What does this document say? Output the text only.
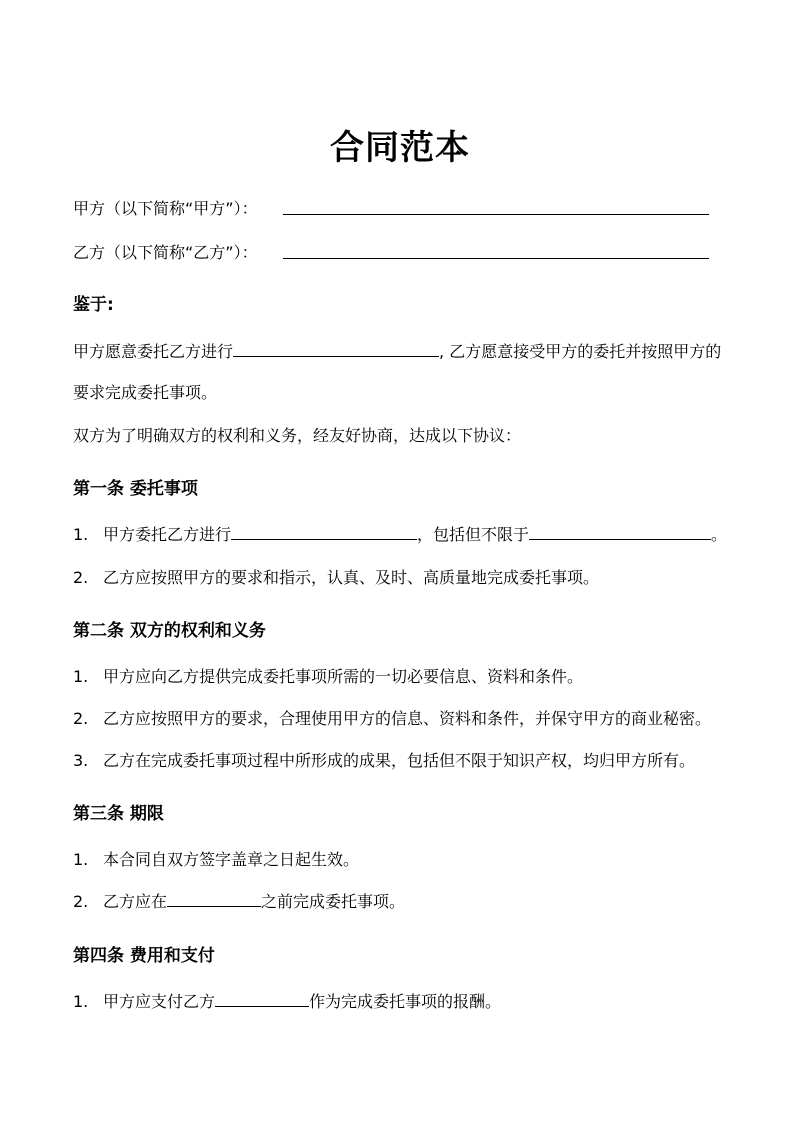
合同范本
甲方（以下简称“甲方”）：
乙方（以下简称“乙方”）：
鉴于:
甲方愿意委托乙方进行	, 乙方愿意接受甲方的委托并按照甲方的
要求完成委托事项。
双方为了明确双方的权利和义务，经友好协商，达成以下协议：
第一条 委托事项
1. 甲方委托乙方进行	，包括但不限于	。
2. 乙方应按照甲方的要求和指示，认真、及时、高质量地完成委托事项。
第二条 双方的权利和义务
1. 甲方应向乙方提供完成委托事项所需的一切必要信息、资料和条件。
2. 乙方应按照甲方的要求，合理使用甲方的信息、资料和条件，并保守甲方的商业秘密。
3. 乙方在完成委托事项过程中所形成的成果，包括但不限于知识产权，均归甲方所有。
第三条 期限
1. 本合同自双方签字盖章之日起生效。
2. 乙方应在	之前完成委托事项。
第四条 费用和支付
1. 甲方应支付乙方	作为完成委托事项的报酬。
